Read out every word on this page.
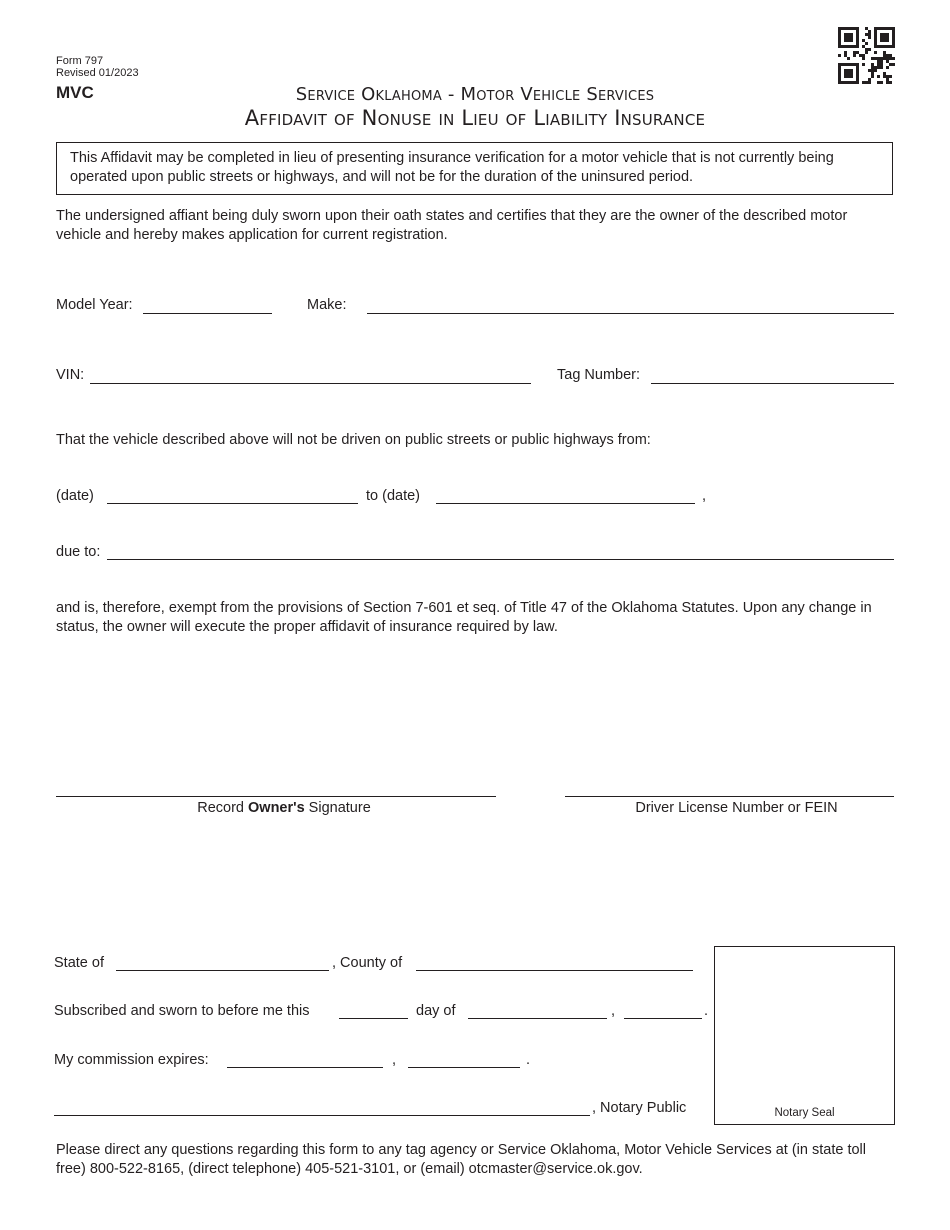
Form 797
Revised 01/2023
MVC	Service Oklahoma - Motor Vehicle Services
Affidavit of Nonuse in Lieu of Liability Insurance
This Affidavit may be completed in lieu of presenting insurance verification for a motor vehicle that is not currently being operated upon public streets or highways, and will not be for the duration of the uninsured period.
The undersigned affiant being duly sworn upon their oath states and certifies that they are the owner of the described motor vehicle and hereby makes application for current registration.
Model Year:	Make:
VIN:	Tag Number:
That the vehicle described above will not be driven on public streets or public highways from:
(date)	to (date)	,
due to:
and is, therefore, exempt from the provisions of Section 7-601 et seq. of Title 47 of the Oklahoma Statutes. Upon any change in status, the owner will execute the proper affidavit of insurance required by law.
Record Owner's Signature	Driver License Number or FEIN
State of	, County of
Subscribed and sworn to before me this	day of	,	.
My commission expires:	,	.
, Notary Public	Notary Seal
Please direct any questions regarding this form to any tag agency or Service Oklahoma, Motor Vehicle Services at (in state toll free) 800-522-8165, (direct telephone) 405-521-3101, or (email) otcmaster@service.ok.gov.
